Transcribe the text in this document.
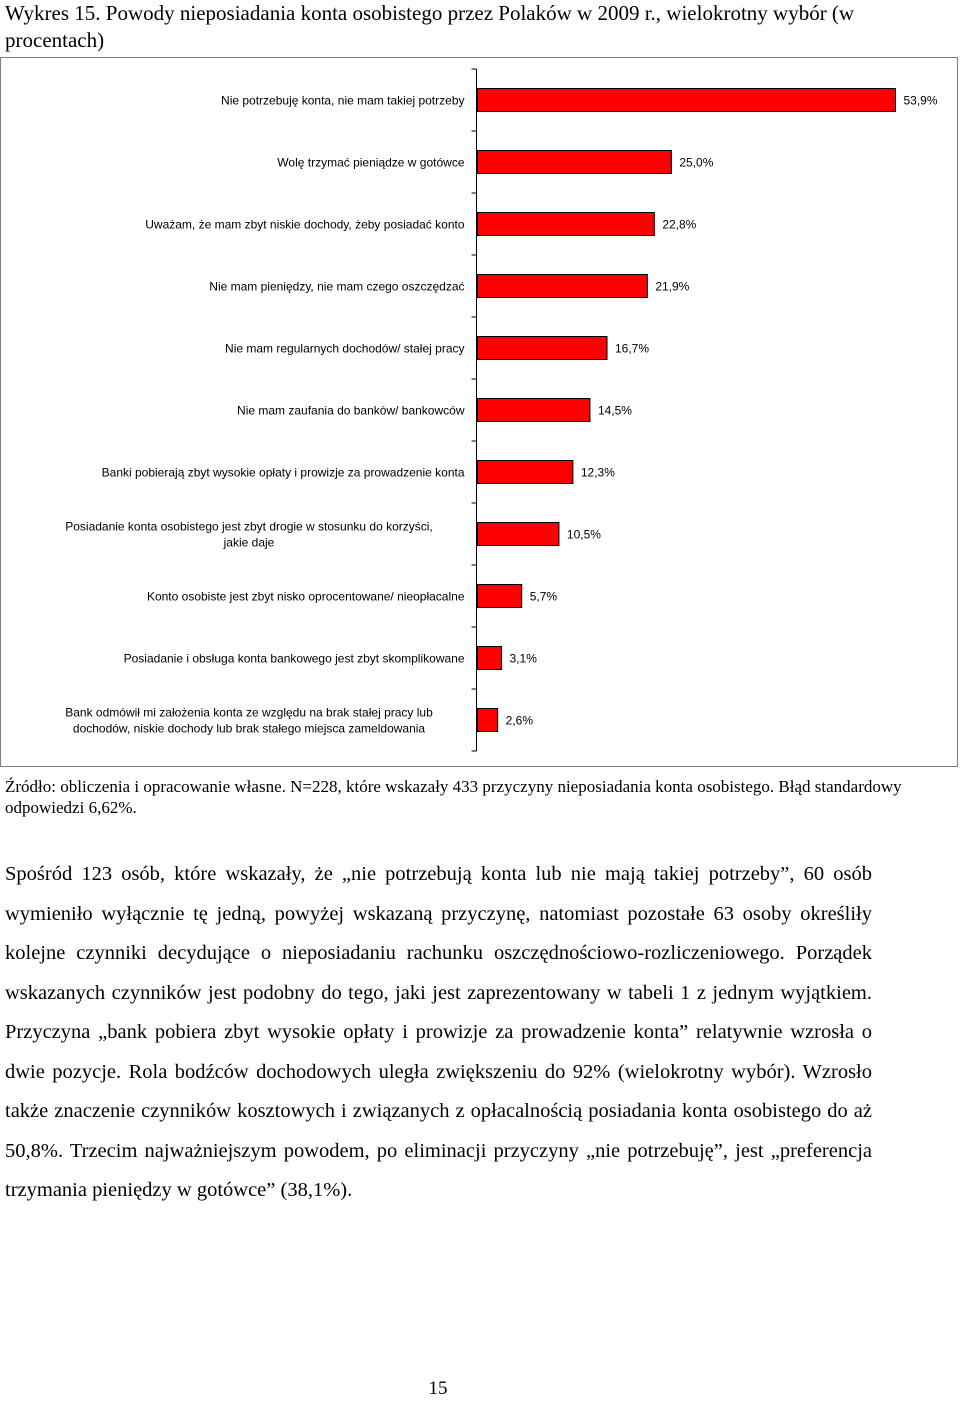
Wykres 15. Powody nieposiadania konta osobistego przez Polaków w 2009 r., wielokrotny wybór (w procentach)
53,9%
Nie potrzebuję konta, nie mam takiej potrzeby
25,0%
Wolę trzymać pieniądze w gotówce
22,8%
Uważam, że mam zbyt niskie dochody, żeby posiadać konto
21,9%
Nie mam pieniędzy, nie mam czego oszczędzać
16,7%
Nie mam regularnych dochodów/ stałej pracy
14,5%
Nie mam zaufania do banków/ bankowców
12,3%
Banki pobierają zbyt wysokie opłaty i prowizje za prowadzenie konta
10,5%
Posiadanie konta osobistego jest zbyt drogie w stosunku do korzyści, jakie daje
5,7%
Konto osobiste jest zbyt nisko oprocentowane/ nieopłacalne
3,1%
Posiadanie i obsługa konta bankowego jest zbyt skomplikowane
2,6%
Bank odmówił mi założenia konta ze względu na brak stałej pracy lub dochodów, niskie dochody lub brak stałego miejsca zameldowania
Źródło: obliczenia i opracowanie własne. N=228, które wskazały 433 przyczyny nieposiadania konta osobistego. Błąd standardowy odpowiedzi 6,62%.
Spośród 123 osób, które wskazały, że „nie potrzebują konta lub nie mają takiej potrzeby”, 60 osób wymieniło wyłącznie tę jedną, powyżej wskazaną przyczynę, natomiast pozostałe 63 osoby określiły kolejne czynniki decydujące o nieposiadaniu rachunku oszczędnościowo-rozliczeniowego. Porządek wskazanych czynników jest podobny do tego, jaki jest zaprezentowany w tabeli 1 z jednym wyjątkiem. Przyczyna „bank pobiera zbyt wysokie opłaty i prowizje za prowadzenie konta” relatywnie wzrosła o dwie pozycje. Rola bodźców dochodowych uległa zwiększeniu do 92% (wielokrotny wybór). Wzrosło także znaczenie czynników kosztowych i związanych z opłacalnością posiadania konta osobistego do aż 50,8%. Trzecim najważniejszym powodem, po eliminacji przyczyny „nie potrzebuję”, jest „preferencja trzymania pieniędzy w gotówce” (38,1%).
15
